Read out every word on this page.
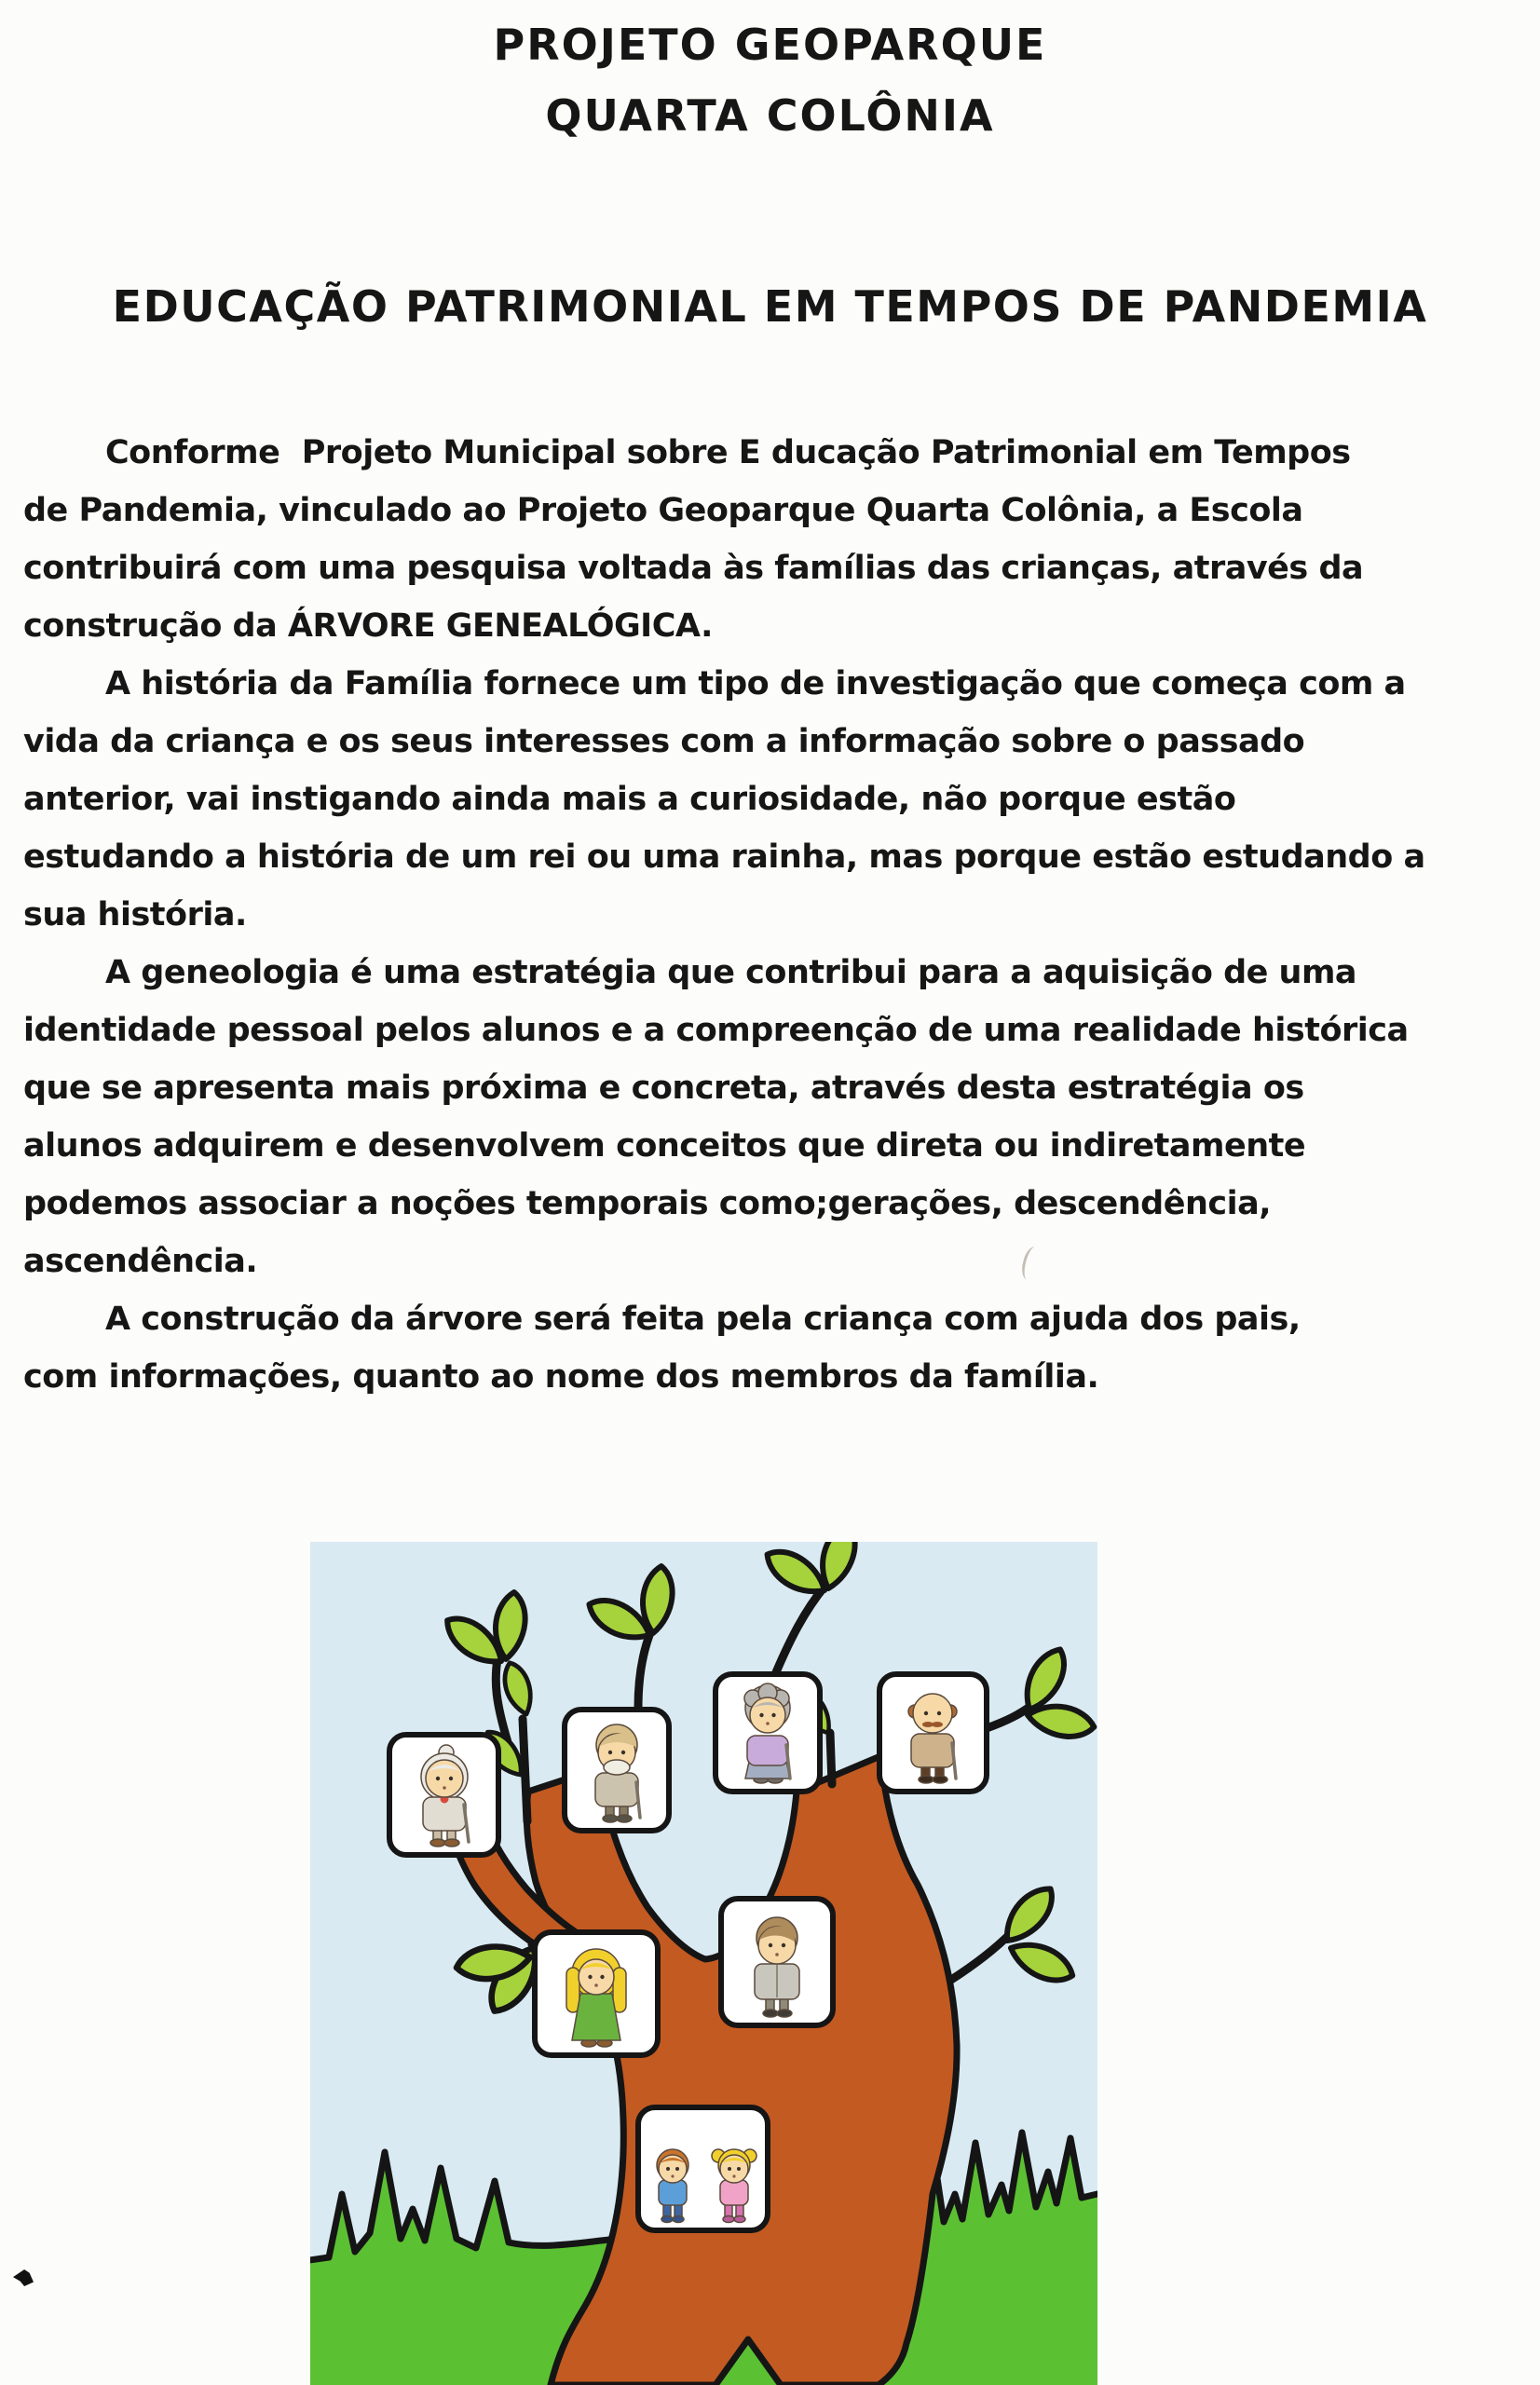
PROJETO GEOPARQUE
QUARTA COLÔNIA
EDUCAÇÃO PATRIMONIAL EM TEMPOS DE PANDEMIA
Conforme  Projeto Municipal sobre E ducação Patrimonial em Tempos
de Pandemia, vinculado ao Projeto Geoparque Quarta Colônia, a Escola
contribuirá com uma pesquisa voltada às famílias das crianças, através da
construção da ÁRVORE GENEALÓGICA.
A história da Família fornece um tipo de investigação que começa com a
vida da criança e os seus interesses com a informação sobre o passado
anterior, vai instigando ainda mais a curiosidade, não porque estão
estudando a história de um rei ou uma rainha, mas porque estão estudando a
sua história.
A geneologia é uma estratégia que contribui para a aquisição de uma
identidade pessoal pelos alunos e a compreenção de uma realidade histórica
que se apresenta mais próxima e concreta, através desta estratégia os
alunos adquirem e desenvolvem conceitos que direta ou indiretamente
podemos associar a noções temporais como;gerações, descendência,
ascendência.
A construção da árvore será feita pela criança com ajuda dos pais,
com informações, quanto ao nome dos membros da família.
